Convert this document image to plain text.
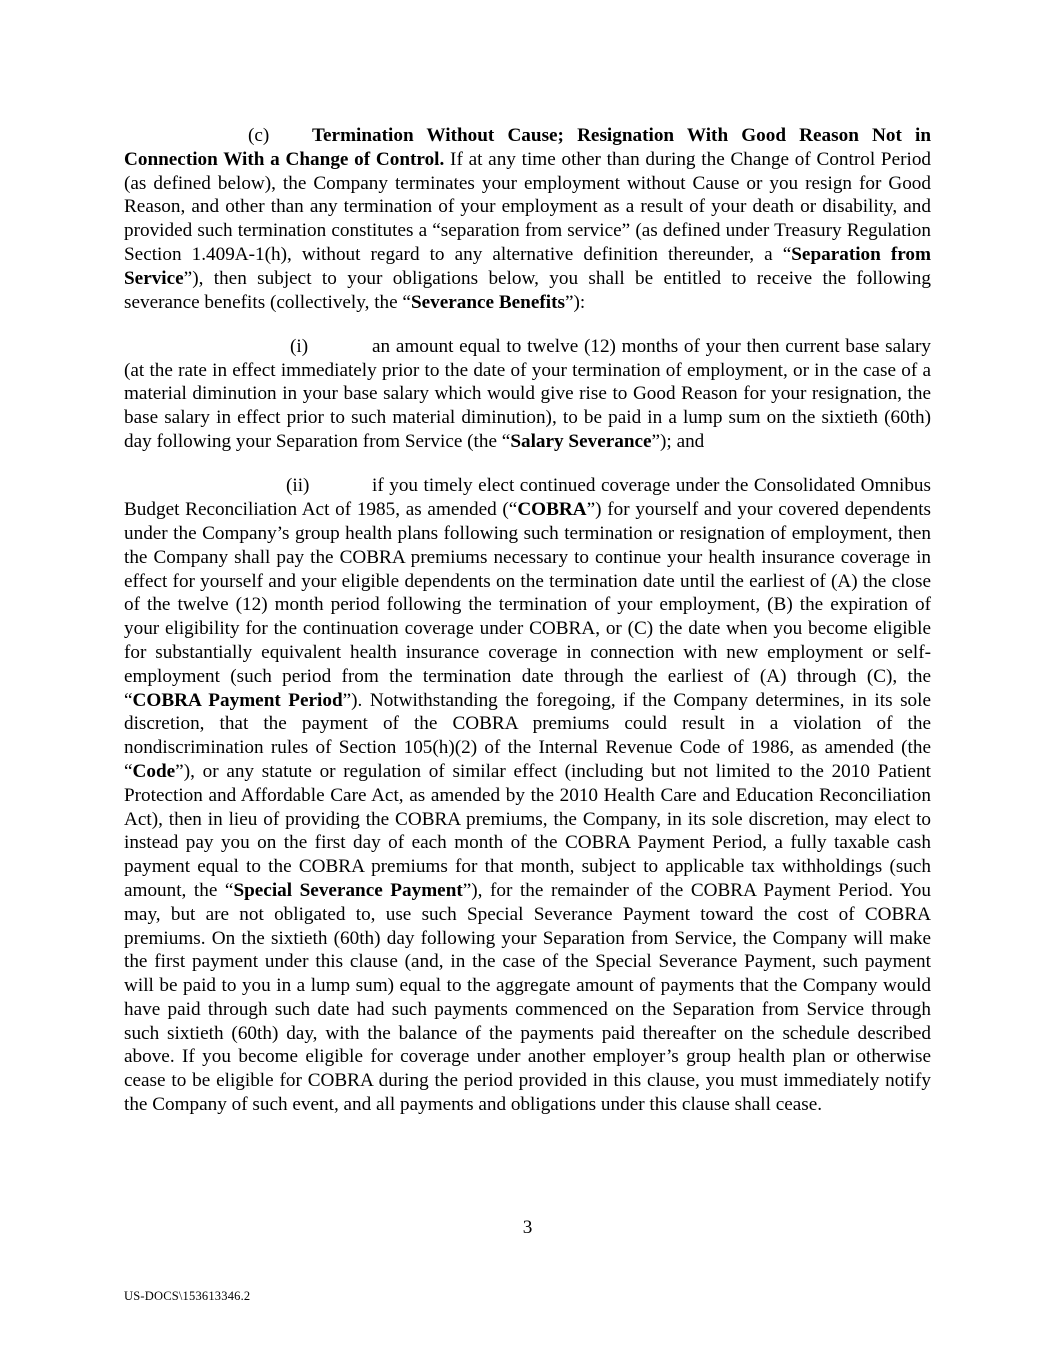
(c) Termination Without Cause; Resignation With Good Reason Not in Connection With a Change of Control. If at any time other than during the Change of Control Period (as defined below), the Company terminates your employment without Cause or you resign for Good Reason, and other than any termination of your employment as a result of your death or disability, and provided such termination constitutes a “separation from service” (as defined under Treasury Regulation Section 1.409A-1(h), without regard to any alternative definition thereunder, a “Separation from Service”), then subject to your obligations below, you shall be entitled to receive the following severance benefits (collectively, the “Severance Benefits”):

(i)	an amount equal to twelve (12) months of your then current base salary (at the rate in effect immediately prior to the date of your termination of employment, or in the case of a material diminution in your base salary which would give rise to Good Reason for your resignation, the base salary in effect prior to such material diminution), to be paid in a lump sum on the sixtieth (60th) day following your Separation from Service (the “Salary Severance”); and

(ii)	if you timely elect continued coverage under the Consolidated Omnibus Budget Reconciliation Act of 1985, as amended (“COBRA”) for yourself and your covered dependents under the Company’s group health plans following such termination or resignation of employment, then the Company shall pay the COBRA premiums necessary to continue your health insurance coverage in effect for yourself and your eligible dependents on the termination date until the earliest of (A) the close of the twelve (12) month period following the termination of your employment, (B) the expiration of your eligibility for the continuation coverage under COBRA, or (C) the date when you become eligible for substantially equivalent health insurance coverage in connection with new employment or self-employment (such period from the termination date through the earliest of (A) through (C), the “COBRA Payment Period”). Notwithstanding the foregoing, if the Company determines, in its sole discretion, that the payment of the COBRA premiums could result in a violation of the nondiscrimination rules of Section 105(h)(2) of the Internal Revenue Code of 1986, as amended (the “Code”), or any statute or regulation of similar effect (including but not limited to the 2010 Patient Protection and Affordable Care Act, as amended by the 2010 Health Care and Education Reconciliation Act), then in lieu of providing the COBRA premiums, the Company, in its sole discretion, may elect to instead pay you on the first day of each month of the COBRA Payment Period, a fully taxable cash payment equal to the COBRA premiums for that month, subject to applicable tax withholdings (such amount, the “Special Severance Payment”), for the remainder of the COBRA Payment Period. You may, but are not obligated to, use such Special Severance Payment toward the cost of COBRA premiums. On the sixtieth (60th) day following your Separation from Service, the Company will make the first payment under this clause (and, in the case of the Special Severance Payment, such payment will be paid to you in a lump sum) equal to the aggregate amount of payments that the Company would have paid through such date had such payments commenced on the Separation from Service through such sixtieth (60th) day, with the balance of the payments paid thereafter on the schedule described above. If you become eligible for coverage under another employer’s group health plan or otherwise cease to be eligible for COBRA during the period provided in this clause, you must immediately notify the Company of such event, and all payments and obligations under this clause shall cease.

3
US-DOCS\153613346.2
